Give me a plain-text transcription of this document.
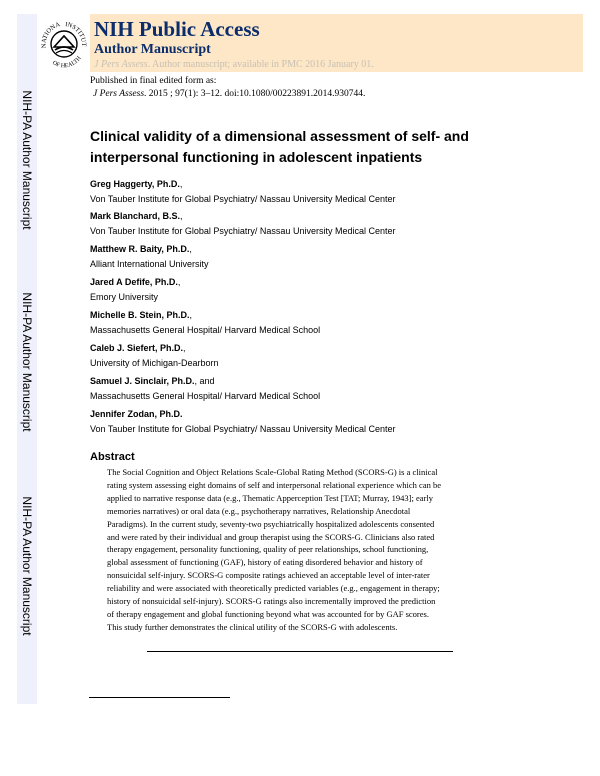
NIH-PA Author Manuscript
NIH-PA Author Manuscript
NIH-PA Author Manuscript
NATIONA INSTITUT
OF HEALTH
NIH Public Access
Author Manuscript
J Pers Assess. Author manuscript; available in PMC 2016 January 01.
Published in final edited form as:
J Pers Assess. 2015 ; 97(1): 3–12. doi:10.1080/00223891.2014.930744.
Clinical validity of a dimensional assessment of self- and interpersonal functioning in adolescent inpatients
Greg Haggerty, Ph.D.,
Von Tauber Institute for Global Psychiatry/ Nassau University Medical Center
Mark Blanchard, B.S.,
Von Tauber Institute for Global Psychiatry/ Nassau University Medical Center
Matthew R. Baity, Ph.D.,
Alliant International University
Jared A Defife, Ph.D.,
Emory University
Michelle B. Stein, Ph.D.,
Massachusetts General Hospital/ Harvard Medical School
Caleb J. Siefert, Ph.D.,
University of Michigan-Dearborn
Samuel J. Sinclair, Ph.D., and
Massachusetts General Hospital/ Harvard Medical School
Jennifer Zodan, Ph.D.
Von Tauber Institute for Global Psychiatry/ Nassau University Medical Center
Abstract
The Social Cognition and Object Relations Scale-Global Rating Method (SCORS-G) is a clinical
rating system assessing eight domains of self and interpersonal relational experience which can be
applied to narrative response data (e.g., Thematic Apperception Test [TAT; Murray, 1943]; early
memories narratives) or oral data (e.g., psychotherapy narratives, Relationship Anecdotal
Paradigms). In the current study, seventy-two psychiatrically hospitalized adolescents consented
and were rated by their individual and group therapist using the SCORS-G. Clinicians also rated
therapy engagement, personality functioning, quality of peer relationships, school functioning,
global assessment of functioning (GAF), history of eating disordered behavior and history of
nonsuicidal self-injury. SCORS-G composite ratings achieved an acceptable level of inter-rater
reliability and were associated with theoretically predicted variables (e.g., engagement in therapy;
history of nonsuicidal self-injury). SCORS-G ratings also incrementally improved the prediction
of therapy engagement and global functioning beyond what was accounted for by GAF scores.
This study further demonstrates the clinical utility of the SCORS-G with adolescents.
